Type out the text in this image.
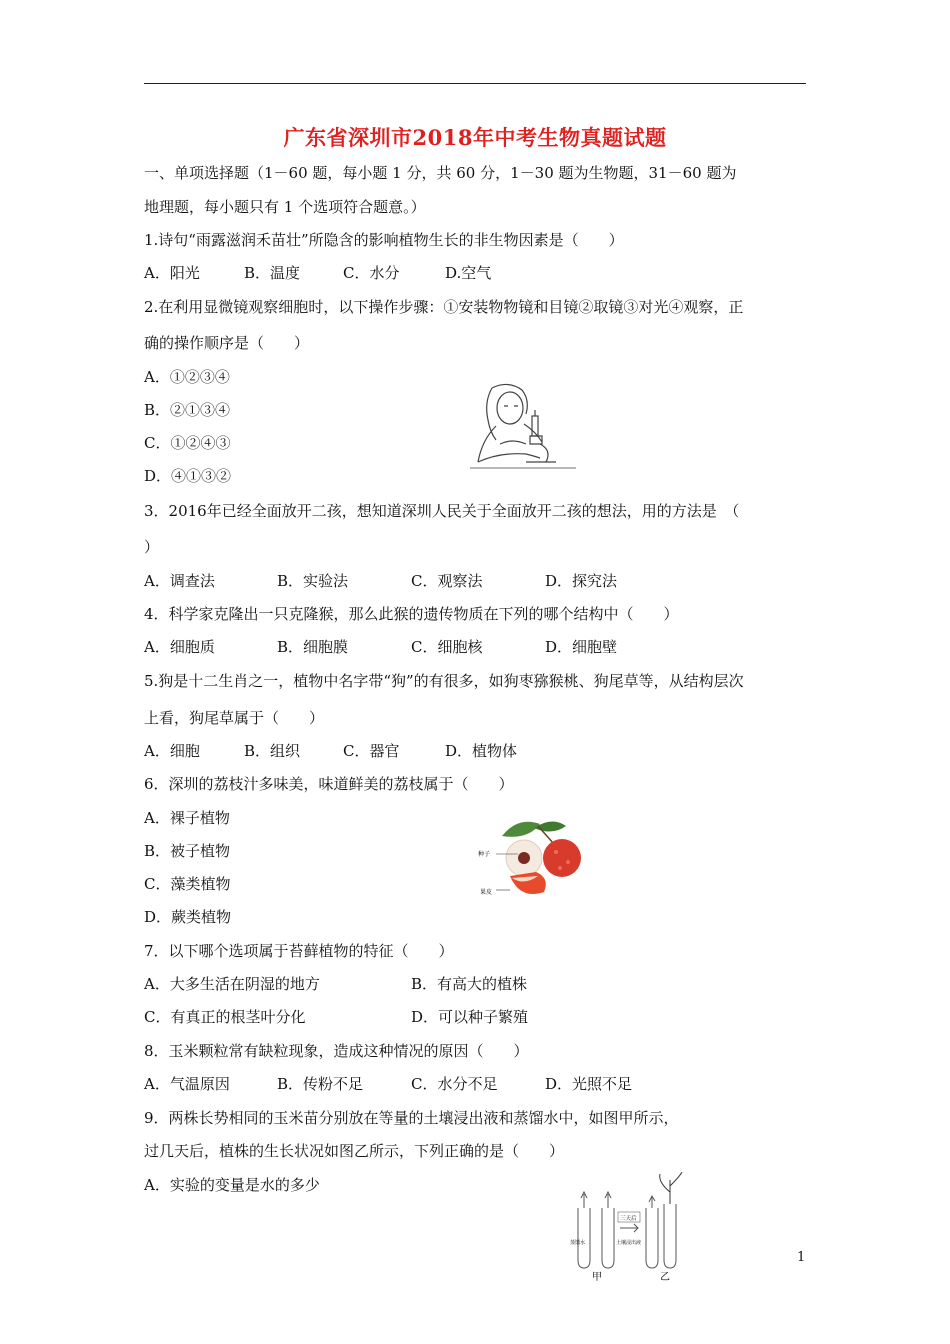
广东省深圳市2018年中考生物真题试题
一、单项选择题（1－60 题，每小题 1 分，共 60 分，1－30 题为生物题，31－60 题为
地理题，每小题只有 1 个选项符合题意。）
1.诗句“雨露滋润禾苗壮”所隐含的影响植物生长的非生物因素是（　　）
A．阳光	B．温度	C．水分	D.空气
2.在利用显微镜观察细胞时，以下操作步骤：①安装物物镜和目镜②取镜③对光④观察，正
确的操作顺序是（　　）
A．①②③④
B．②①③④
C．①②④③
D．④①③②
3．2016年已经全面放开二孩，想知道深圳人民关于全面放开二孩的想法，用的方法是　（
）
A．调查法	B．实验法	C．观察法	D．探究法
4．科学家克隆出一只克隆猴，那么此猴的遗传物质在下列的哪个结构中（　　）
A．细胞质	B．细胞膜	C．细胞核	D．细胞壁
5.狗是十二生肖之一，植物中名字带“狗”的有很多，如狗枣猕猴桃、狗尾草等，从结构层次
上看，狗尾草属于（　　）
A．细胞	B．组织	C．器官	D．植物体
6．深圳的荔枝汁多味美，味道鲜美的荔枝属于（　　）
A．裸子植物
B．被子植物
C．藻类植物
D．蕨类植物
种子
果皮
7．以下哪个选项属于苔藓植物的特征（　　）
A．大多生活在阴湿的地方	B．有高大的植株
C．有真正的根茎叶分化	D．可以种子繁殖
8．玉米颗粒常有缺粒现象，造成这种情况的原因（　　）
A．气温原因	B．传粉不足	C．水分不足	D．光照不足
9．两株长势相同的玉米苗分别放在等量的土壤浸出液和蒸馏水中，如图甲所示，
过几天后，植株的生长状况如图乙所示，下列正确的是（　　）
A．实验的变量是水的多少
三天后
蒸馏水	土壤浸出液
甲	乙
1
